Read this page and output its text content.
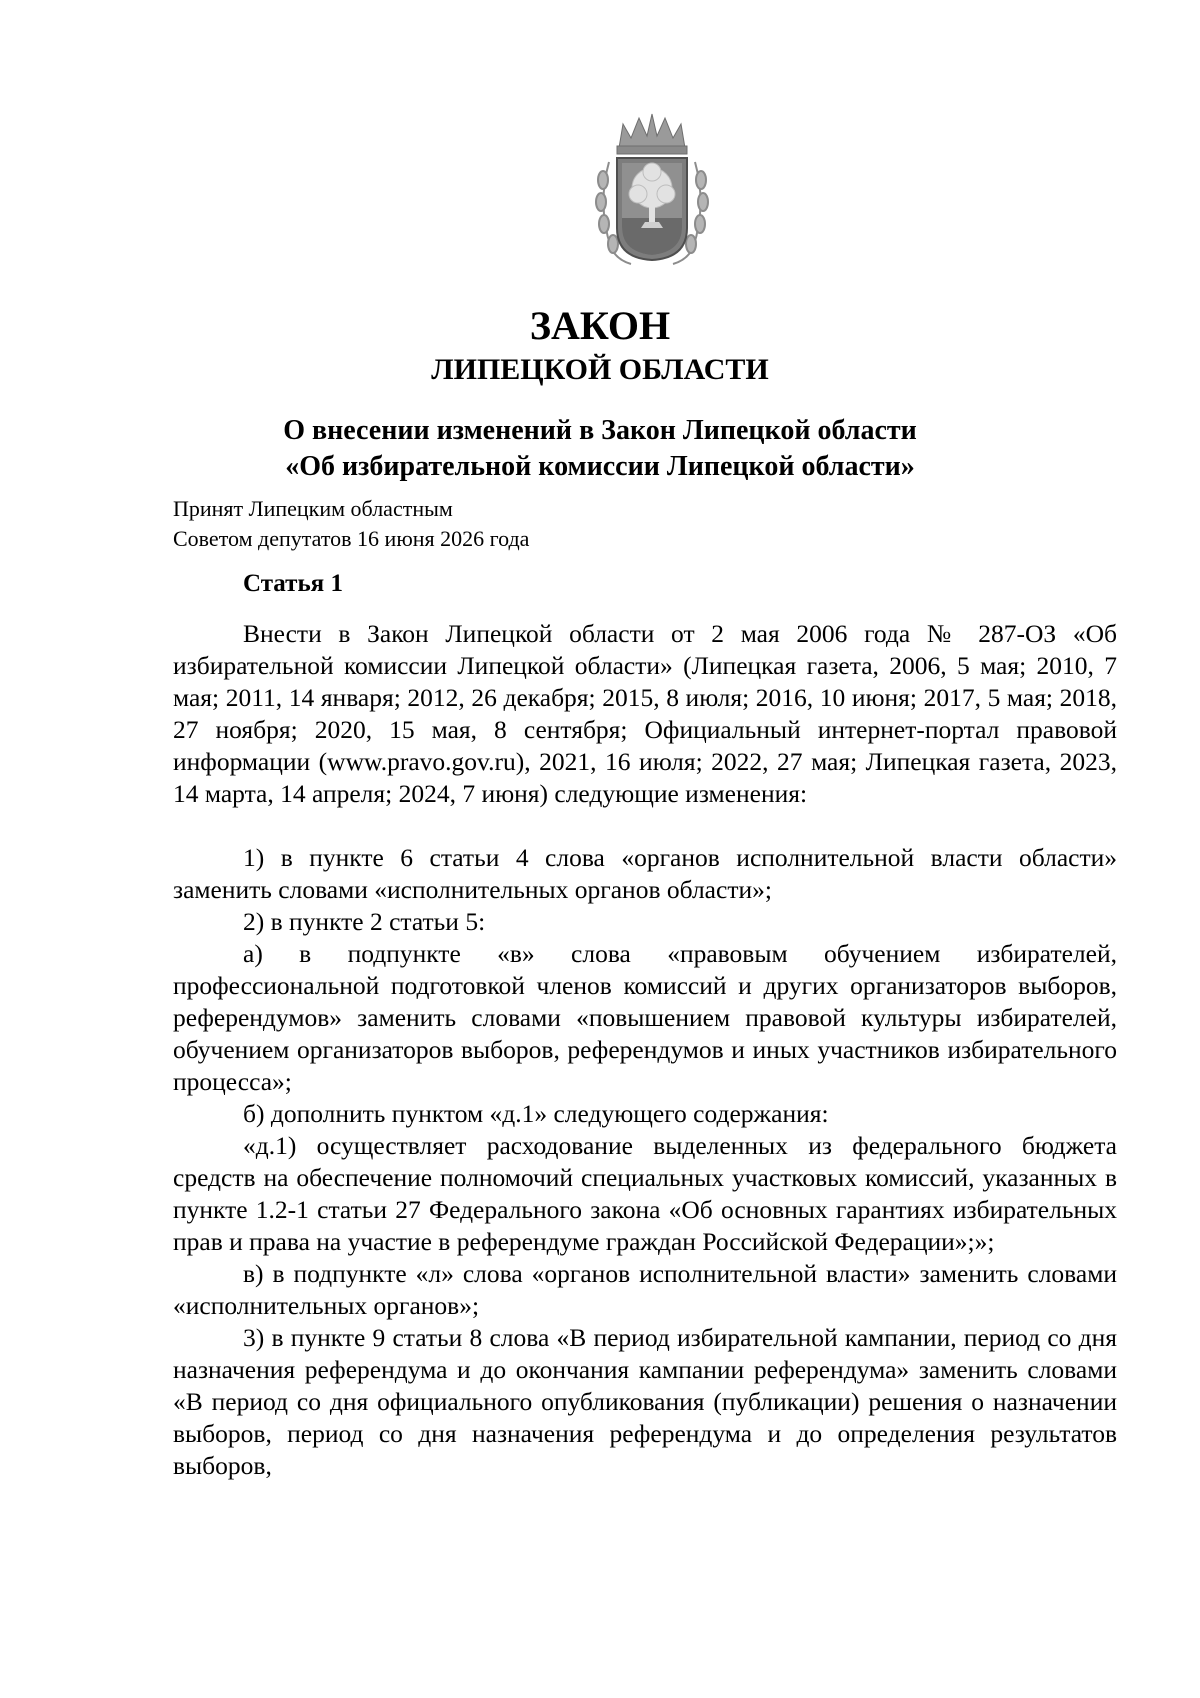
ЗАКОН
ЛИПЕЦКОЙ ОБЛАСТИ
О внесении изменений в Закон Липецкой области
«Об избирательной комиссии Липецкой области»
Принят Липецким областным
Советом депутатов 16 июня 2026 года
Статья 1

Внести в Закон Липецкой области от 2 мая 2006 года № 287-ОЗ «Об избирательной комиссии Липецкой области» (Липецкая газета, 2006, 5 мая; 2010, 7 мая; 2011, 14 января; 2012, 26 декабря; 2015, 8 июля; 2016, 10 июня; 2017, 5 мая; 2018, 27 ноября; 2020, 15 мая, 8 сентября; Официальный интернет-портал правовой информации (www.pravo.gov.ru), 2021, 16 июля; 2022, 27 мая; Липецкая газета, 2023, 14 марта, 14 апреля; 2024, 7 июня) следующие изменения:

1) в пункте 6 статьи 4 слова «органов исполнительной власти области» заменить словами «исполнительных органов области»;

2) в пункте 2 статьи 5:

а) в подпункте «в» слова «правовым обучением избирателей, профессиональной подготовкой членов комиссий и других организаторов выборов, референдумов» заменить словами «повышением правовой культуры избирателей, обучением организаторов выборов, референдумов и иных участников избирательного процесса»;

б) дополнить пунктом «д.1» следующего содержания:

«д.1) осуществляет расходование выделенных из федерального бюджета средств на обеспечение полномочий специальных участковых комиссий, указанных в пункте 1.2-1 статьи 27 Федерального закона «Об основных гарантиях избирательных прав и права на участие в референдуме граждан Российской Федерации»;»;

в) в подпункте «л» слова «органов исполнительной власти» заменить словами «исполнительных органов»;

3) в пункте 9 статьи 8 слова «В период избирательной кампании, период со дня назначения референдума и до окончания кампании референдума» заменить словами «В период со дня официального опубликования (публикации) решения о назначении выборов, период со дня назначения референдума и до определения результатов выборов,
